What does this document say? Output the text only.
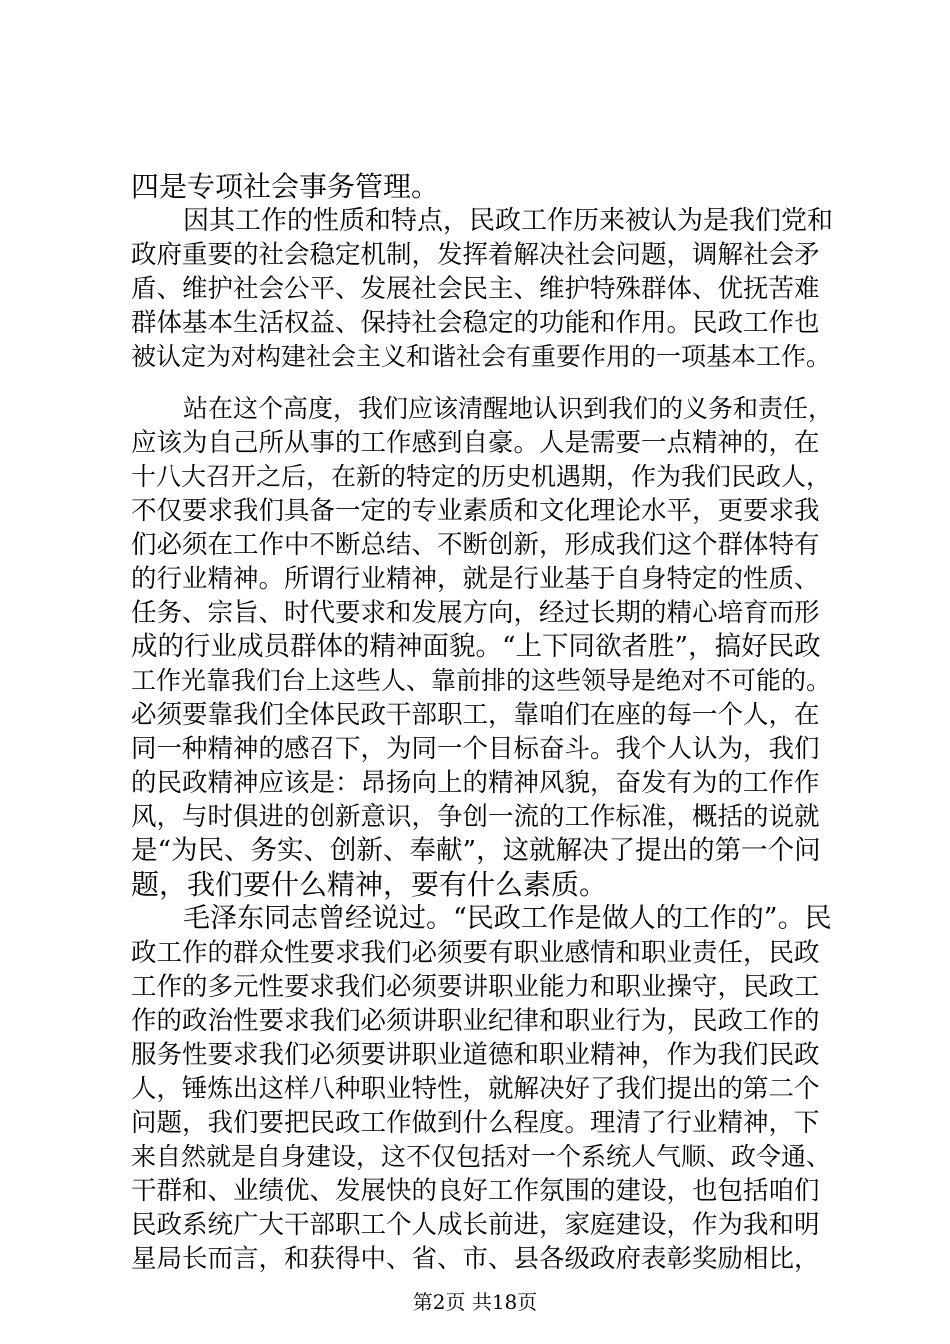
四是专项社会事务管理。
因其工作的性质和特点，民政工作历来被认为是我们党和
政府重要的社会稳定机制，发挥着解决社会问题，调解社会矛
盾、维护社会公平、发展社会民主、维护特殊群体、优抚苦难
群体基本生活权益、保持社会稳定的功能和作用。民政工作也
被认定为对构建社会主义和谐社会有重要作用的一项基本工作。
站在这个高度，我们应该清醒地认识到我们的义务和责任，
应该为自己所从事的工作感到自豪。人是需要一点精神的，在
十八大召开之后，在新的特定的历史机遇期，作为我们民政人，
不仅要求我们具备一定的专业素质和文化理论水平，更要求我
们必须在工作中不断总结、不断创新，形成我们这个群体特有
的行业精神。所谓行业精神，就是行业基于自身特定的性质、
任务、宗旨、时代要求和发展方向，经过长期的精心培育而形
成的行业成员群体的精神面貌。“上下同欲者胜”，搞好民政
工作光靠我们台上这些人、靠前排的这些领导是绝对不可能的。
必须要靠我们全体民政干部职工，靠咱们在座的每一个人，在
同一种精神的感召下，为同一个目标奋斗。我个人认为，我们
的民政精神应该是：昂扬向上的精神风貌，奋发有为的工作作
风，与时俱进的创新意识，争创一流的工作标准，概括的说就
是“为民、务实、创新、奉献”，这就解决了提出的第一个问
题，我们要什么精神，要有什么素质。
毛泽东同志曾经说过。“民政工作是做人的工作的”。民
政工作的群众性要求我们必须要有职业感情和职业责任，民政
工作的多元性要求我们必须要讲职业能力和职业操守，民政工
作的政治性要求我们必须讲职业纪律和职业行为，民政工作的
服务性要求我们必须要讲职业道德和职业精神，作为我们民政
人，锤炼出这样八种职业特性，就解决好了我们提出的第二个
问题，我们要把民政工作做到什么程度。理清了行业精神，下
来自然就是自身建设，这不仅包括对一个系统人气顺、政令通、
干群和、业绩优、发展快的良好工作氛围的建设，也包括咱们
民政系统广大干部职工个人成长前进，家庭建设，作为我和明
星局长而言，和获得中、省、市、县各级政府表彰奖励相比，
第2页 共18页
